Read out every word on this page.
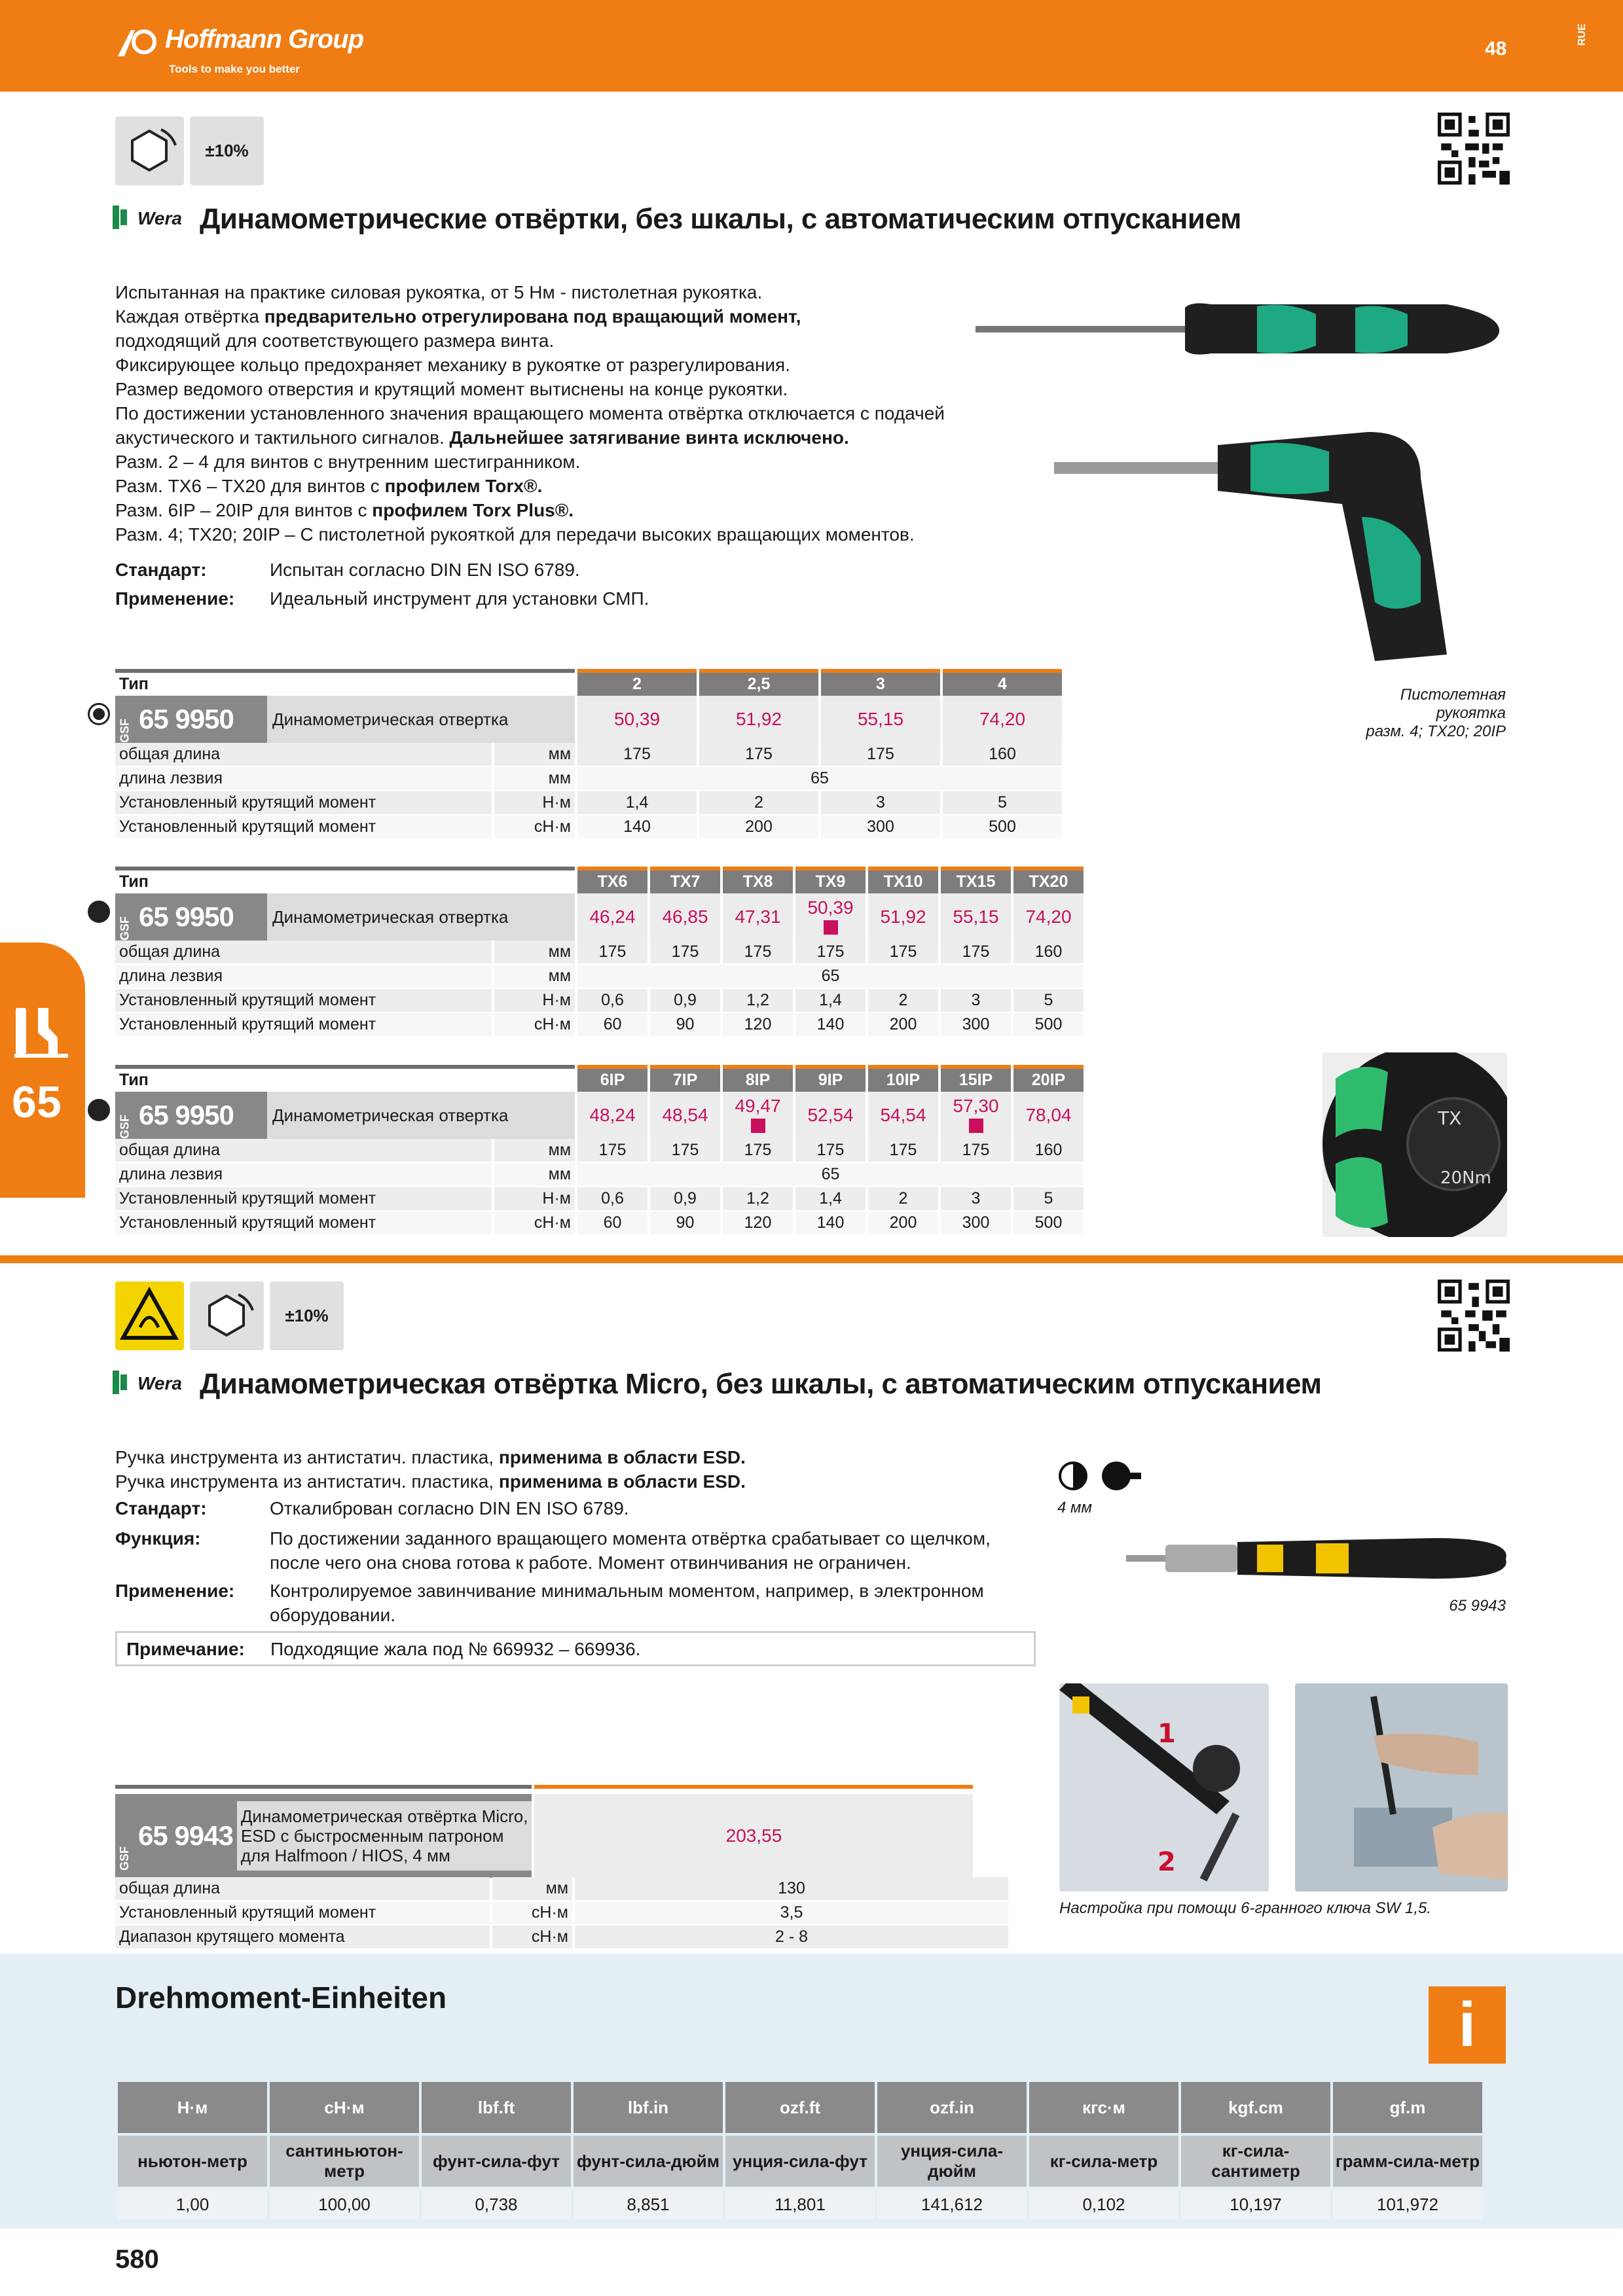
Hoffmann Group
Tools to make you better
48
RUE
65
±10%
Wera Динамометрические отвёртки, без шкалы, с автоматическим отпусканием
Испытанная на практике силовая рукоятка, от 5 Нм - пистолетная рукоятка.
Каждая отвёртка предварительно отрегулирована под вращающий момент,
подходящий для соответствующего размера винта.
Фиксирующее кольцо предохраняет механику в рукоятке от разрегулирования.
Размер ведомого отверстия и крутящий момент вытиснены на конце рукоятки.
По достижении установленного значения вращающего момента отвёртка отключается с подачей
акустического и тактильного сигналов. Дальнейшее затягивание винта исключено.
Разм. 2 – 4 для винтов с внутренним шестигранником.
Разм. TX6 – TX20 для винтов с профилем Torx®.
Разм. 6IP – 20IP для винтов с профилем Torx Plus®.
Разм. 4; TX20; 20IP – С пистолетной рукояткой для передачи высоких вращающих моментов.
Стандарт:	Испытан согласно DIN EN ISO 6789.
Применение: Идеальный инструмент для установки СМП.
Пистолетная
рукоятка
разм. 4; TX20; 20IP
Тип	2	2,5	3	4

GSF	65 9950	Динамометрическая отвертка
		50,39	51,92	55,15	74,20
общая длина	мм	175	175	175	160
длина лезвия	мм	65
Установленный крутящий момент	Н·м	1,4	2	3	5
Установленный крутящий момент	cН·м	140	200	300	500
Тип	TX6	TX7	TX8	TX9	TX10	TX15	TX20

GSF	65 9950	Динамометрическая отвертка
		46,24	46,85	47,31	50,39	51,92	55,15	74,20
общая длина	мм	175	175	175	175	175	175	160
длина лезвия	мм	65
Установленный крутящий момент	Н·м	0,6	0,9	1,2	1,4	2	3	5
Установленный крутящий момент	cН·м	60	90	120	140	200	300	500
Тип	6IP	7IP	8IP	9IP	10IP	15IP	20IP

GSF	65 9950	Динамометрическая отвертка
		48,24	48,54	49,47	52,54	54,54	57,30	78,04
общая длина	мм	175	175	175	175	175	175	160
длина лезвия	мм	65
Установленный крутящий момент	Н·м	0,6	0,9	1,2	1,4	2	3	5
Установленный крутящий момент	cН·м	60	90	120	140	200	300	500
TX
20Nm
±10%
Wera Динамометрическая отвёртка Micro, без шкалы, с автоматическим отпусканием
Ручка инструмента из антистатич. пластика, применима в области ESD.
Ручка инструмента из антистатич. пластика, применима в области ESD.
Стандарт:	Откалиброван согласно DIN EN ISO 6789.
Функция:	По достижении заданного вращающего момента отвёртка срабатывает со щелчком,
после чего она снова готова к работе. Момент отвинчивания не ограничен.
Применение: Контролируемое завинчивание минимальным моментом, например, в электронном
оборудовании.
Примечание: Подходящие жала под № 669932 – 669936.
4 мм
65 9943
1
2
Настройка при помощи 6-гранного ключа SW 1,5.

GSF	65 9943	
Динамометрическая отвёртка Micro,
ESD с быстросменным патроном
для Halfmoon / HIOS, 4 мм
	203,55
общая длина	мм	130
Установленный крутящий момент	cН·м	3,5
Диапазон крутящего момента	cН·м	2 - 8
Drehmoment-Einheiten	i
Н·м	cН·м	lbf.ft	lbf.in	ozf.ft	ozf.in	кгс·м	kgf.cm	gf.m
ньютон-метр	сантиньютон-метр	фунт-сила-фут	фунт-сила-дюйм	унция-сила-фут	унция-сила-дюйм	кг-сила-метр	кг-сила-сантиметр	грамм-сила-метр
1,00	100,00	0,738	8,851	11,801	141,612	0,102	10,197	101,972
580
